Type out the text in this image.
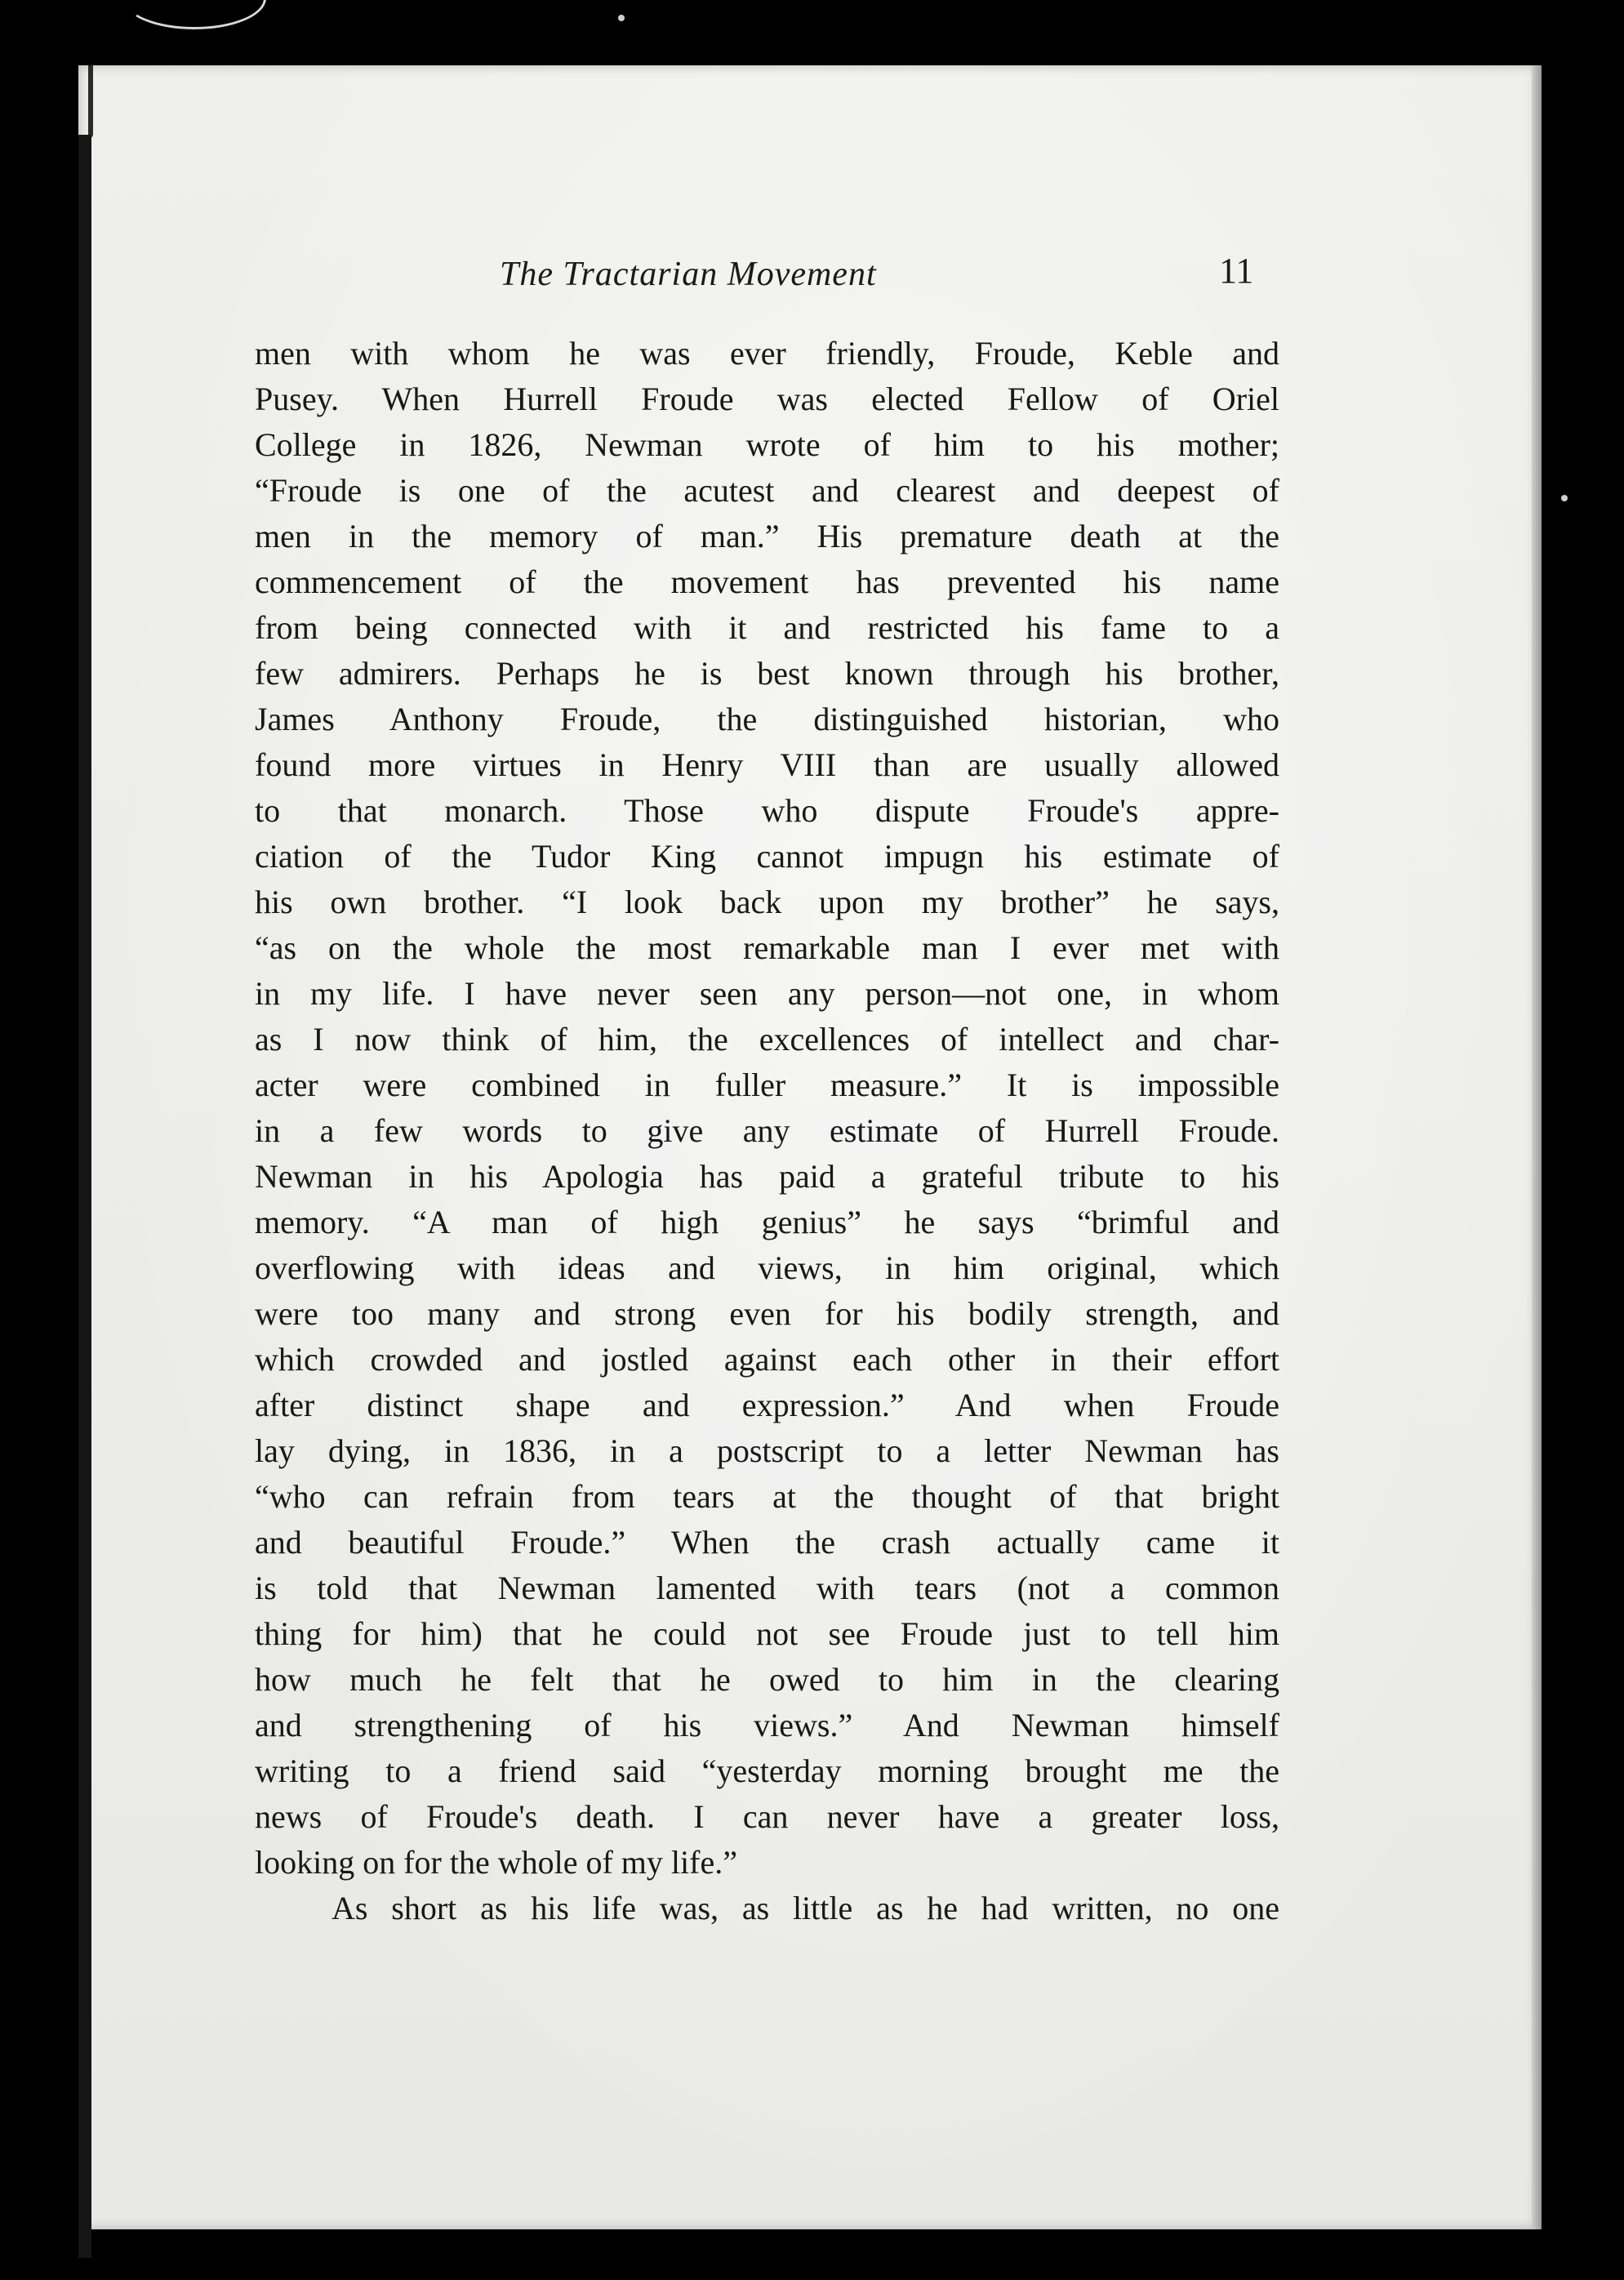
The Tractarian Movement	11
men with whom he was ever friendly, Froude, Keble and
Pusey. When Hurrell Froude was elected Fellow of Oriel
College in 1826, Newman wrote of him to his mother;
“Froude is one of the acutest and clearest and deepest of
men in the memory of man.” His premature death at the
commencement of the movement has prevented his name
from being connected with it and restricted his fame to a
few admirers. Perhaps he is best known through his brother,
James Anthony Froude, the distinguished historian, who
found more virtues in Henry VIII than are usually allowed
to that monarch. Those who dispute Froude's appre-
ciation of the Tudor King cannot impugn his estimate of
his own brother. “I look back upon my brother” he says,
“as on the whole the most remarkable man I ever met with
in my life. I have never seen any person—not one, in whom
as I now think of him, the excellences of intellect and char-
acter were combined in fuller measure.” It is impossible
in a few words to give any estimate of Hurrell Froude.
Newman in his Apologia has paid a grateful tribute to his
memory. “A man of high genius” he says “brimful and
overflowing with ideas and views, in him original, which
were too many and strong even for his bodily strength, and
which crowded and jostled against each other in their effort
after distinct shape and expression.” And when Froude
lay dying, in 1836, in a postscript to a letter Newman has
“who can refrain from tears at the thought of that bright
and beautiful Froude.” When the crash actually came it
is told that Newman lamented with tears (not a common
thing for him) that he could not see Froude just to tell him
how much he felt that he owed to him in the clearing
and strengthening of his views.” And Newman himself
writing to a friend said “yesterday morning brought me the
news of Froude's death. I can never have a greater loss,
looking on for the whole of my life.”
As short as his life was, as little as he had written, no one
